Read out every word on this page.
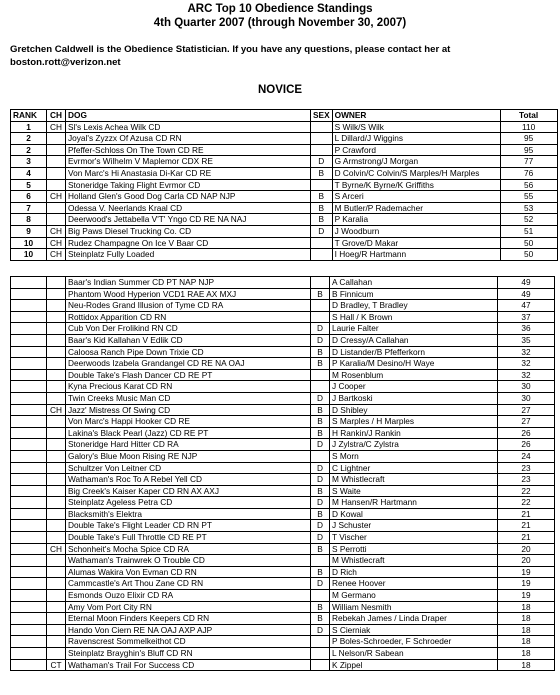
ARC Top 10 Obedience Standings
4th Quarter 2007 (through November 30, 2007)
Gretchen Caldwell is the Obedience Statistician. If you have any questions, please contact her at boston.rott@verizon.net
NOVICE
RANK	CH	DOG	SEX	OWNER	Total
1	CH	Sl's Lexis Achea Wilk CD		S Wilk/S Wilk	110
2		Joyal's Zyzzx Of Azusa CD RN		L Dillard/J Wiggins	95
2		Pfeffer-Schloss On The Town CD RE		P Crawford	95
3		Evrmor's Wilhelm V Maplemor CDX RE	D	G Armstrong/J Morgan	77
4		Von Marc's Hi Anastasia Di-Kar CD RE	B	D Colvin/C Colvin/S Marples/H Marples	76
5		Stoneridge Taking Flight Evrmor CD		T Byrne/K Byrne/K Griffiths	56
6	CH	Holland Glen's Good Dog Carla CD NAP NJP	B	S Arceri	55
7		Odessa V. Neerlands Kraal CD	B	M Butler/P Rademacher	53
8		Deerwood's Jettabella V'T' Yngo CD RE NA NAJ	B	P Karalia	52
9	CH	Big Paws Diesel Trucking Co. CD	D	J Woodburn	51
10	CH	Rudez Champagne On Ice V Baar CD		T Grove/D Makar	50
10	CH	Steinplatz Fully Loaded		I Hoeg/R Hartmann	50
		Baar's Indian Summer CD PT NAP NJP		A Callahan	49
		Phantom Wood Hyperion VCD1 RAE AX MXJ	B	B Finnicum	49
		Neu-Rodes Grand Illusion of Tyme CD RA		D Bradley, T Bradley	47
		Rottidox Apparition CD RN		S Hall / K Brown	37
		Cub Von Der Frolikind RN CD	D	Laurie Falter	36
		Baar's Kid Kallahan V Edlik CD	D	D Cressy/A Callahan	35
		Caloosa Ranch Pipe Down Trixie CD	B	D Listander/B Pfefferkorn	32
		Deerwoods Izabela Grandangel CD RE NA OAJ	B	P Karalia/M Desino/H Waye	32
		Double Take's Flash Dancer CD RE PT		M Rosenblum	32
		Kyna Precious Karat CD RN		J Cooper	30
		Twin Creeks Music Man CD	D	J Bartkoski	30
	CH	Jazz' Mistress Of Swing CD	B	D Shibley	27
		Von Marc's Happi Hooker CD RE	B	S Marples / H Marples	27
		Lakina's Black Pearl (Jazz) CD RE PT	B	H Rankin/J Rankin	26
		Stoneridge Hard Hitter CD RA	D	J Zylstra/C Zylstra	26
		Galory's Blue Moon Rising RE NJP		S Morn	24
		Schultzer Von Leitner CD	D	C Lightner	23
		Wathaman's Roc To A Rebel Yell CD	D	M Whistlecraft	23
		Big Creek's Kaiser Kaper CD RN AX AXJ	B	S Waite	22
		Steinplatz Ageless Petra CD	D	M Hansen/R Hartmann	22
		Blacksmith's Elektra	B	D Kowal	21
		Double Take's Flight Leader CD RN PT	D	J Schuster	21
		Double Take's Full Throttle CD RE PT	D	T Vischer	21
	CH	Schonheit's Mocha Spice CD RA	B	S Perrotti	20
		Wathaman's Trainwrek O Trouble CD		M Whistlecraft	20
		Alumas Wakira Von Evman CD RN	B	D Rich	19
		Cammcastle's Art Thou Zane CD RN	D	Renee Hoover	19
		Esmonds Ouzo Elixir CD RA		M Germano	19
		Amy Vom Port City RN	B	William Nesmith	18
		Eternal Moon Finders Keepers CD RN	B	Rebekah James / Linda Draper	18
		Hando Von Ciern RE NA OAJ AXP AJP	D	S Cierniak	18
		Ravenscrest Sommelkeithot CD		P Boles-Schroeder, F Schroeder	18
		Steinplatz Brayghin's Bluff CD RN		L Nelson/R Sabean	18
	CT	Wathaman's Trail For Success CD		K Zippel	18
